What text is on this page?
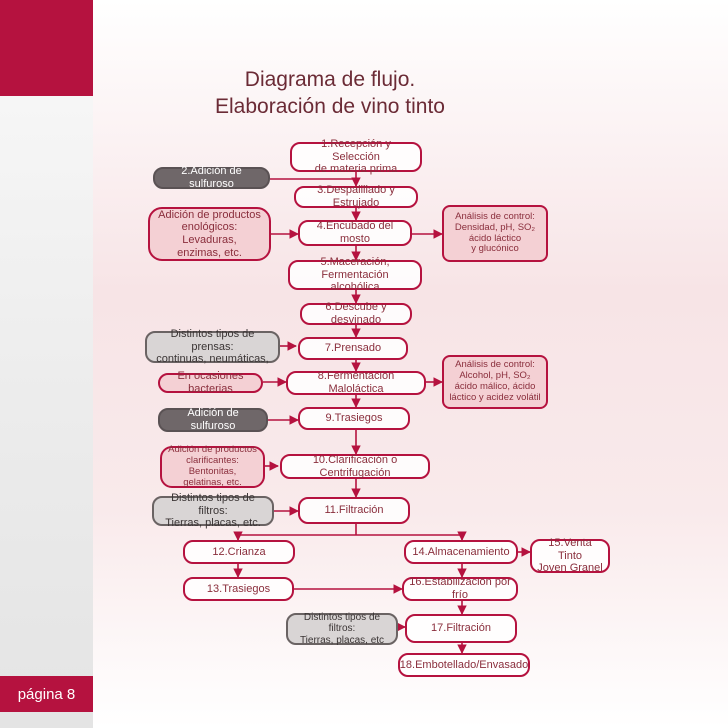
página 8
Diagrama de flujo.
Elaboración de vino tinto
1.Recepción y Selección
de materia prima
3.Despalillado y Estrujado
4.Encubado del mosto
5.Maceración, Fermentación
alcohólica
6.Descube y desvinado
7.Prensado
8.Fermentación Maloláctica
9.Trasiegos
10.Clarificación o Centrifugación
11.Filtración
12.Crianza
13.Trasiegos
14.Almacenamiento
15.Venta Tinto
Joven Granel
16.Estabilización por frío
17.Filtración
18.Embotellado/Envasado
2.Adición de sulfuroso
Adición de productos
enológicos: Levaduras,
enzimas, etc.
Distintos tipos de prensas:
continuas, neumáticas,
En ocasiones bacterias
Adición de sulfuroso
Adición de productos
clarificantes: Bentonitas,
gelatinas, etc.
Distintos tipos de filtros:
Tierras, placas, etc.
Distintos tipos de filtros:
Tierras, placas, etc
Análisis de control:
Densidad, pH, SO₂
ácido láctico
y glucónico
Análisis de control:
Alcohol, pH, SO₂
ácido málico, ácido
láctico y acidez volátil
